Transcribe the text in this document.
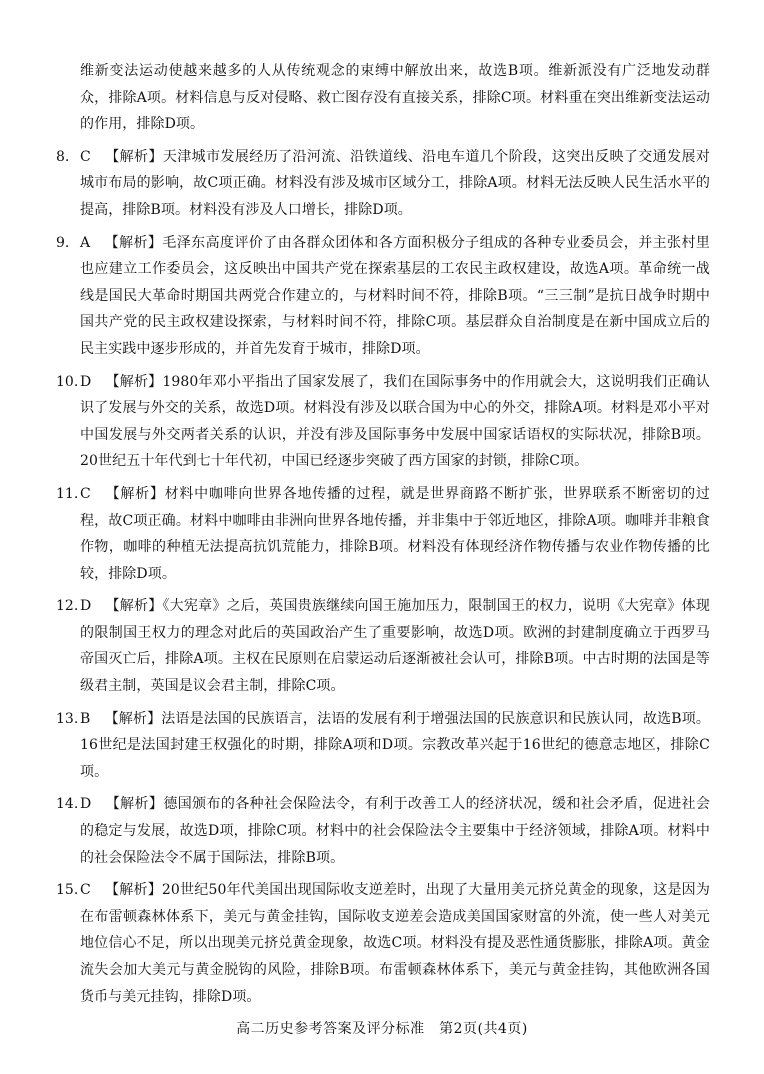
维新变法运动使越来越多的人从传统观念的束缚中解放出来，故选B项。维新派没有广泛地发动群众，排除A项。材料信息与反对侵略、救亡图存没有直接关系，排除C项。材料重在突出维新变法运动的作用，排除D项。

8. C  【解析】天津城市发展经历了沿河流、沿铁道线、沿电车道几个阶段，这突出反映了交通发展对城市布局的影响，故C项正确。材料没有涉及城市区域分工，排除A项。材料无法反映人民生活水平的提高，排除B项。材料没有涉及人口增长，排除D项。
9. A  【解析】毛泽东高度评价了由各群众团体和各方面积极分子组成的各种专业委员会，并主张村里也应建立工作委员会，这反映出中国共产党在探索基层的工农民主政权建设，故选A项。革命统一战线是国民大革命时期国共两党合作建立的，与材料时间不符，排除B项。“三三制”是抗日战争时期中国共产党的民主政权建设探索，与材料时间不符，排除C项。基层群众自治制度是在新中国成立后的民主实践中逐步形成的，并首先发育于城市，排除D项。
10. D  【解析】1980年邓小平指出了国家发展了，我们在国际事务中的作用就会大，这说明我们正确认识了发展与外交的关系，故选D项。材料没有涉及以联合国为中心的外交，排除A项。材料是邓小平对中国发展与外交两者关系的认识，并没有涉及国际事务中发展中国家话语权的实际状况，排除B项。20世纪五十年代到七十年代初，中国已经逐步突破了西方国家的封锁，排除C项。
11. C  【解析】材料中咖啡向世界各地传播的过程，就是世界商路不断扩张，世界联系不断密切的过程，故C项正确。材料中咖啡由非洲向世界各地传播，并非集中于邻近地区，排除A项。咖啡并非粮食作物，咖啡的种植无法提高抗饥荒能力，排除B项。材料没有体现经济作物传播与农业作物传播的比较，排除D项。
12. D  【解析】《大宪章》之后，英国贵族继续向国王施加压力，限制国王的权力，说明《大宪章》体现的限制国王权力的理念对此后的英国政治产生了重要影响，故选D项。欧洲的封建制度确立于西罗马帝国灭亡后，排除A项。主权在民原则在启蒙运动后逐渐被社会认可，排除B项。中古时期的法国是等级君主制，英国是议会君主制，排除C项。
13. B  【解析】法语是法国的民族语言，法语的发展有利于增强法国的民族意识和民族认同，故选B项。16世纪是法国封建王权强化的时期，排除A项和D项。宗教改革兴起于16世纪的德意志地区，排除C项。
14. D  【解析】德国颁布的各种社会保险法令，有利于改善工人的经济状况，缓和社会矛盾，促进社会的稳定与发展，故选D项，排除C项。材料中的社会保险法令主要集中于经济领域，排除A项。材料中的社会保险法令不属于国际法，排除B项。
15. C  【解析】20世纪50年代美国出现国际收支逆差时，出现了大量用美元挤兑黄金的现象，这是因为在布雷顿森林体系下，美元与黄金挂钩，国际收支逆差会造成美国国家财富的外流，使一些人对美元地位信心不足，所以出现美元挤兑黄金现象，故选C项。材料没有提及恶性通货膨胀，排除A项。黄金流失会加大美元与黄金脱钩的风险，排除B项。布雷顿森林体系下，美元与黄金挂钩，其他欧洲各国货币与美元挂钩，排除D项。
高二历史参考答案及评分标准　第2页(共4页)
